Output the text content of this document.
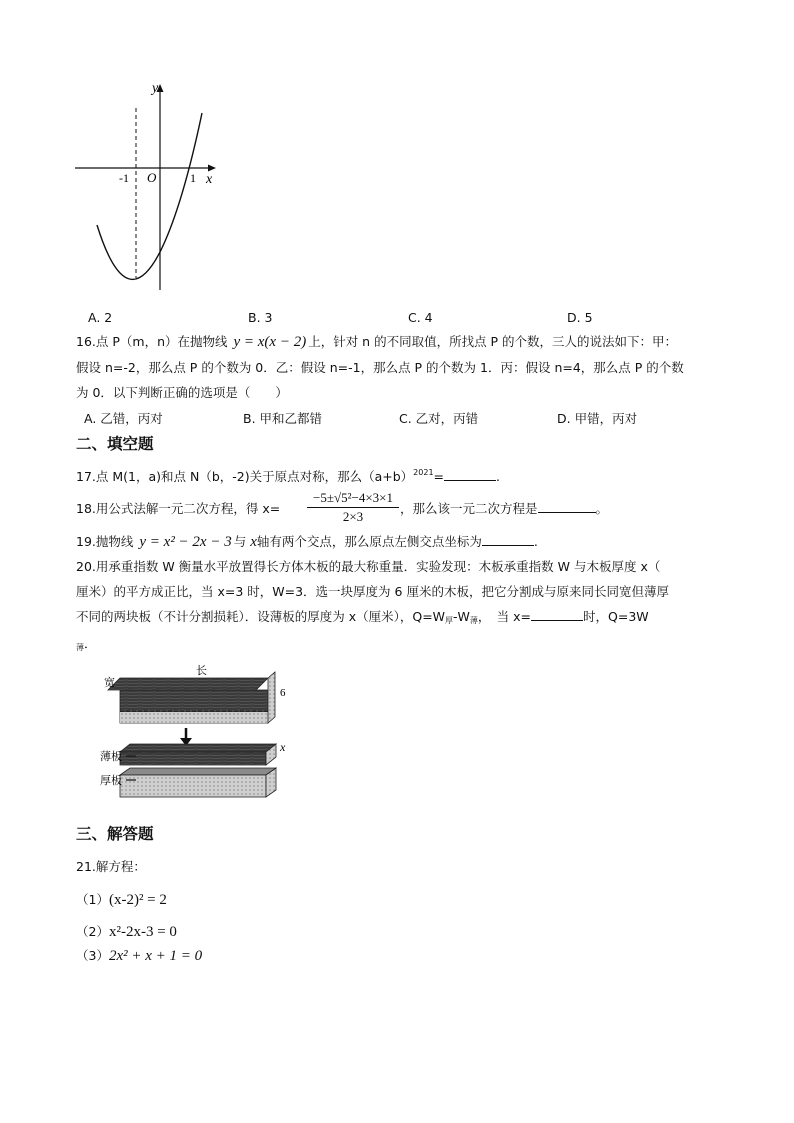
y
x
O
-1	1
A. 2	B. 3	C. 4	D. 5
16.点 P（m，n）在抛物线 y = x(x − 2) 上，针对 n 的不同取值，所找点 P 的个数，三人的说法如下：甲：
假设 n=-2，那么点 P 的个数为 0．乙：假设 n=-1，那么点 P 的个数为 1．丙：假设 n=4，那么点 P 的个数
为 0．以下判断正确的选项是（　　）
A. 乙错，丙对	B. 甲和乙都错	C. 乙对，丙错	D. 甲错，丙对
二、填空题
17.点 M(1，a)和点 N（b，-2)关于原点对称，那么$(a+b)^{2021}=$	.
18.用公式法解一元二次方程，得 x=
−5±√5²−4×3×1
2×3
，那么该一元二次方程是	。
19.抛物线 y = x² − 2x − 3 与 x轴有两个交点，那么原点左侧交点坐标为	.
20.用承重指数 W 衡量水平放置得长方体木板的最大称重量．实验发现：木板承重指数 W 与木板厚度 x（
厘米）的平方成正比，当 x=3 时，W=3．选一块厚度为 6 厘米的木板，把它分割成与原来同长同宽但薄厚
不同的两块板（不计分割损耗）．设薄板的厚度为 x（厘米），$Q=W_厚-W_薄$，　当 x=	时，Q=3W
$_薄$．
长
宽
6
薄板
厚板
x
三、解答题
21.解方程：
（1）(x-2)² = 2
（2）x²-2x-3 = 0
（3）2x² + x + 1 = 0
